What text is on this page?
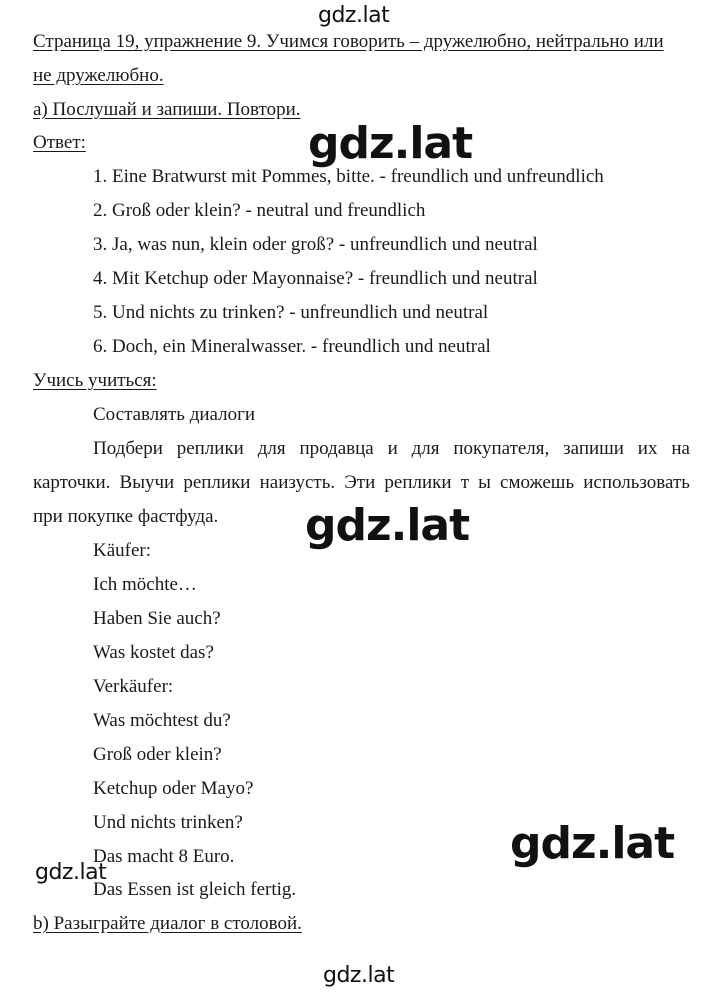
gdz.lat
gdz.lat
gdz.lat
gdz.lat
gdz.lat
gdz.lat
Страница 19, упражнение 9. Учимся говорить – дружелюбно, нейтрально или
не дружелюбно.
а) Послушай и запиши. Повтори.
Ответ:
1. Eine Bratwurst mit Pommes, bitte. - freundlich und unfreundlich
2. Groß oder klein? - neutral und freundlich
3. Ja, was nun, klein oder groß? - unfreundlich und neutral
4. Mit Ketchup oder Mayonnaise? - freundlich und neutral
5. Und nichts zu trinken? - unfreundlich und neutral
6. Doch, ein Mineralwasser. - freundlich und neutral
Учись учиться:
Составлять диалоги
Подбери реплики для продавца и для покупателя, запиши их на
карточки. Выучи реплики наизусть. Эти реплики т ы сможешь использовать
при покупке фастфуда.
Käufer:
Ich möchte…
Haben Sie auch?
Was kostet das?
Verkäufer:
Was möchtest du?
Groß oder klein?
Ketchup oder Mayo?
Und nichts trinken?
Das macht 8 Euro.
Das Essen ist gleich fertig.
b) Разыграйте диалог в столовой.
